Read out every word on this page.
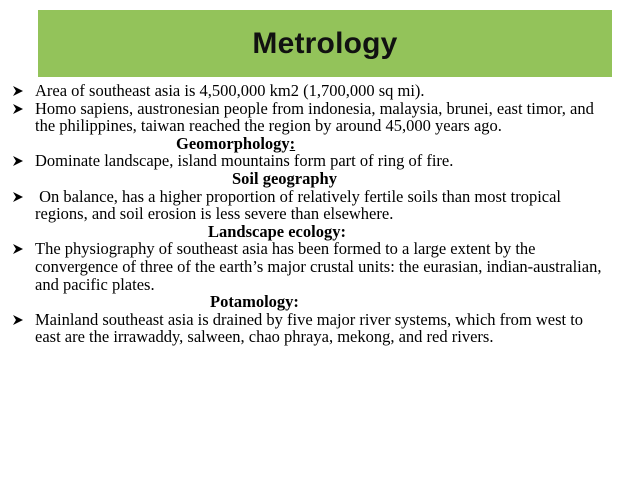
Metrology
Area of southeast asia is 4,500,000 km2 (1,700,000 sq mi).
Homo sapiens, austronesian people from indonesia, malaysia, brunei, east timor, and the philippines, taiwan reached the region by around 45,000 years ago.
Geomorphology:
Dominate landscape, island mountains form part of ring of fire.
Soil geography
On balance, has a higher proportion of relatively fertile soils than most tropical regions, and soil erosion is less severe than elsewhere.
Landscape ecology:
The physiography of southeast asia has been formed to a large extent by the convergence of three of the earth’s major crustal units: the eurasian, indian-australian, and pacific plates.
Potamology:
Mainland southeast asia is drained by five major river systems, which from west to east are the irrawaddy, salween, chao phraya, mekong, and red rivers.
